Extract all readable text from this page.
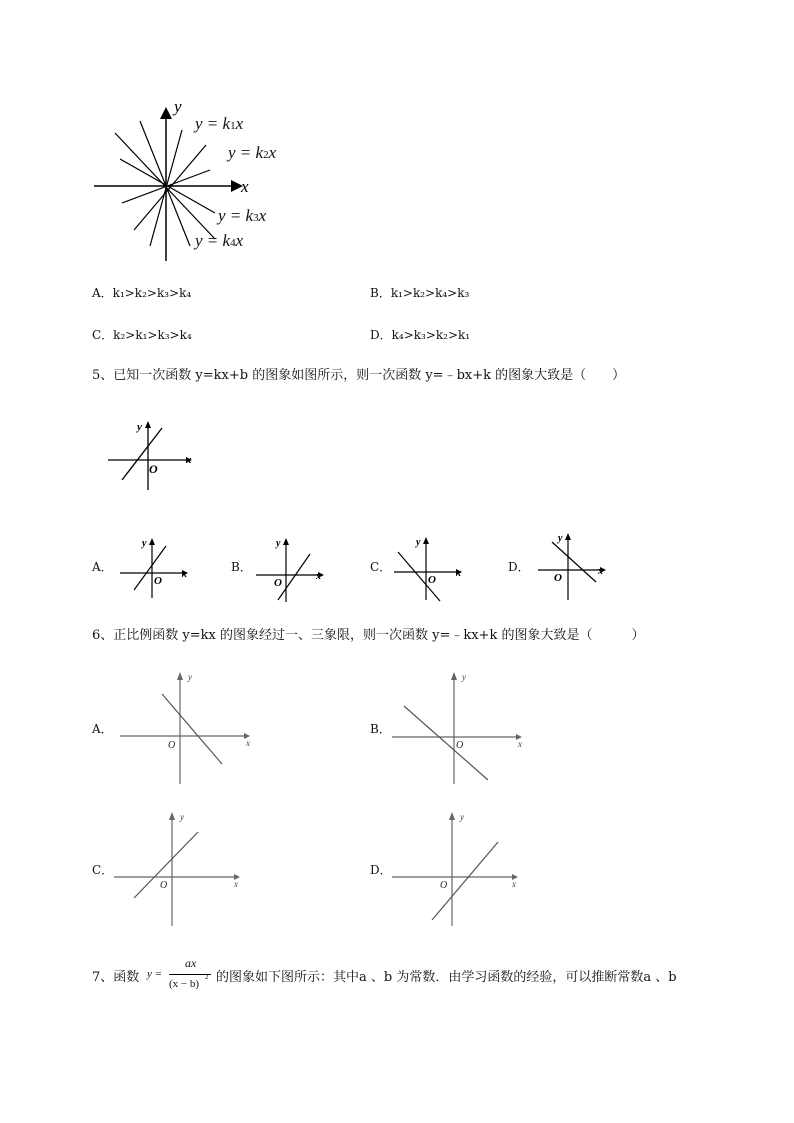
y
x
y = k1x
y = k2x
y = k3x
y = k4x
A．k₁>k₂>k₃>k₄	B．k₁>k₂>k₄>k₃
C．k₂>k₁>k₃>k₄	D．k₄>k₃>k₂>k₁
5、已知一次函数 y=kx+b 的图象如图所示，则一次函数 y=﹣bx+k 的图象大致是（　　）
y
x
O
A．
y
x
O
B．
y
x
O
C．
y
x
O
D．
y
x
O
6、正比例函数 y=kx 的图象经过一、三象限，则一次函数 y=﹣kx+k 的图象大致是（　　　）
A．
y
x
O
B．
y
x
O
C．
y
x
O
D．
y
x
O
7、函数 y =
ax
(x − b)
2 的图象如下图所示：其中a 、b 为常数．由学习函数的经验，可以推断常数a 、b
